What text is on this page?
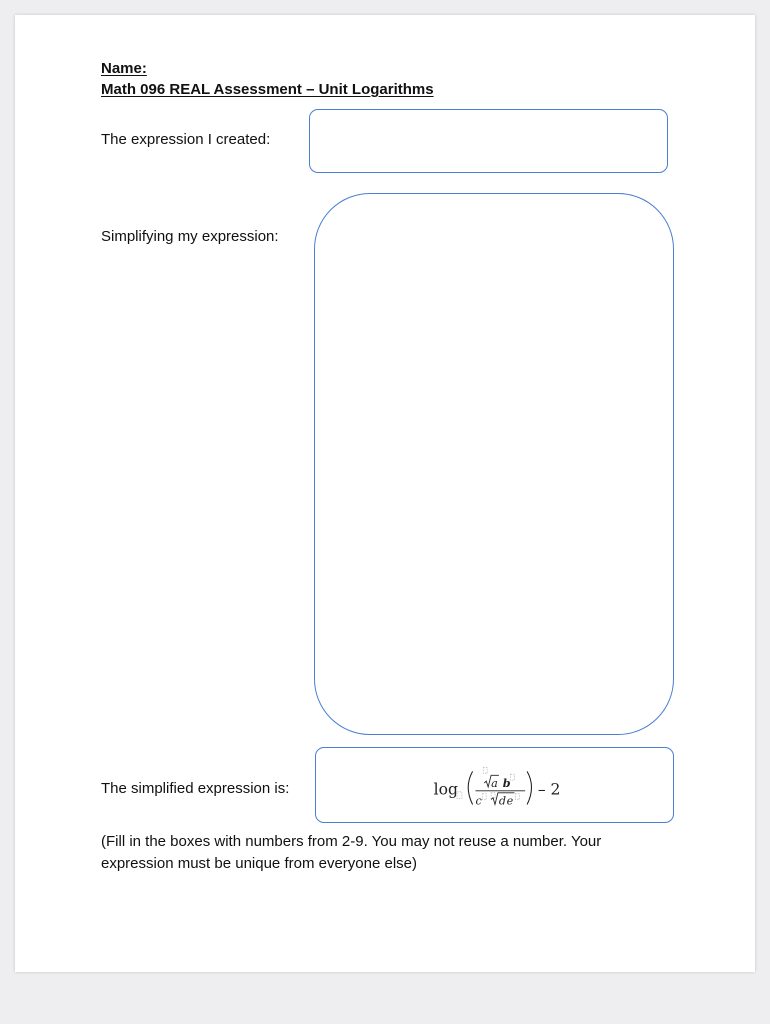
Name:
Math 096 REAL Assessment – Unit Logarithms
The expression I created:
Simplifying my expression:
The simplified expression is:	log	a b
c d e
– 2
(Fill in the boxes with numbers from 2-9. You may not reuse a number. Your expression must be unique from everyone else)
